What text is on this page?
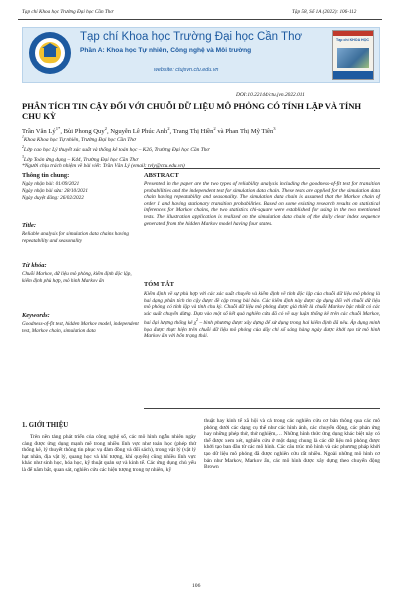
Tạp chí Khoa học Trường Đại học Cần Thơ	Tập 58, Số 1A (2022): 106-112
Tạp chí Khoa học Trường Đại học Cần Thơ
Phần A: Khoa học Tự nhiên, Công nghệ và Môi trường
website: ctujsvn.ctu.edu.vn
Tạp chí KHOA HỌC
DOI:10.22144/ctu.jvn.2022.011
PHÂN TÍCH TIN CẬY ĐỐI VỚI CHUỖI DỮ LIỆU MÔ PHỎNG CÓ TÍNH LẶP VÀ TÍNH CHU KỲ
Trần Văn $Lý^{1*}$, Bùi Phong Quy$^2$, Nguyễn Lê Phúc Anh$^2$, Trang Thị Hiền$^2$ và Phan Thị Mỹ Tiên$^3$
$^1$Khoa Khoa học Tự nhiên, Trường Đại học Cần Thơ
$^2$Lớp cao học Lý thuyết xác suất và thống kê toán học – K26, Trường Đại học Cần Thơ
$^3$Lớp Toán ứng dụng – K44, Trường Đại học Cần Thơ
*Người chịu trách nhiệm về bài viết: Trần Văn Lý (email: tvly@ctu.edu.vn)
Thông tin chung:
Ngày nhận bài: 01/09/2021
Ngày nhận bài sửa: 28/10/2021
Ngày duyệt đăng: 26/02/2022
Title:
Reliable analysis for simulation data chains having repeatability and seasonality
Từ khóa:
Chuỗi Markov, dữ liệu mô phỏng, kiểm định độc lập, kiểm định phù hợp, mô hình Markov ẩn
Keywords:
Goodness-of-fit test, hidden Markov model, independent test, Markov chain, simulation data
ABSTRACT
Presented in the paper are the two types of reliability analysis including the goodness-of-fit test for transition probabilities and the independent test for simulation data chain. These tests are applied for the simulation data chain having repeatability and seasonality. The simulation data chain is assumed that the Markov chain of order 1 and having stationary transition probabilities. Based on some existing research results on statistical inferences for Markov chains, the two statistics chi-square were established for using in the two mentioned tests. The illustration application is realized on the simulation data chain of the daily clear index sequence generated from the hidden Markov model having four states.
TÓM TẮT
Kiểm định về sự phù hợp với các xác suất chuyển và kiểm định về tính độc lập của chuỗi dữ liệu mô phỏng là hai dạng phân tích tin cậy được đề cập trong bài báo. Các kiểm định này được áp dụng đối với chuỗi dữ liệu mô phỏng có tính lặp và tính chu kỳ. Chuỗi dữ liệu mô phỏng được giả thiết là chuỗi Markov bậc nhất có các xác suất chuyển dừng. Dựa vào một số kết quả nghiên cứu đã có về suy luận thống kê trên các chuỗi Markov, hai đại lượng thống kê $\chi^2$ – bình phương được xây dựng để sử dụng trong hai kiểm định đã nêu. Áp dụng minh họa được thực hiện trên chuỗi dữ liệu mô phỏng của dãy chỉ số sáng hàng ngày được khởi tạo từ mô hình Markov ẩn với bốn trạng thái.
1. GIỚI THIỆU
Trên nền tảng phát triển của công nghệ số, các mô hình ngẫu nhiên ngày càng được ứng dụng mạnh mẽ trong nhiều lĩnh vực như toán học (phép thử thống kê, lý thuyết thông tin phục vụ đảm đồng và đối sách), trong vật lý (vật lý hạt nhân, địa vật lý, quang học và khí tượng, khí quyển) cũng nhiều lĩnh vực khác như sinh học, hóa học, kỹ thuật quản sự và kinh tế. Các ứng dụng chủ yếu là để năm bắt, quan sát, nghiên cứu các hiện tượng trong tự nhiên, kỹ
thuật hay kinh tế xã hội và cả trong các nghiên cứu cơ bản thông qua các mô phỏng dưới các dạng cụ thể như các hình ảnh, các chuyển động, các phản ứng hay những phép thử, thử nghiệm,… Những hình thức ứng dụng khác biệt này có thể được xem xét, nghiên cứu ở một dạng chung là các dữ liệu mô phỏng được khởi tạo ban đầu từ các mô hình. Các câu trúc mô hình và các phương pháp khởi tạo dữ liệu mô phỏng đã được nghiên cứu rất nhiều. Ngoài những mô hình cơ bản như Markov, Markov ẩn, các mô hình được xây dựng theo chuyển động Brown
106
